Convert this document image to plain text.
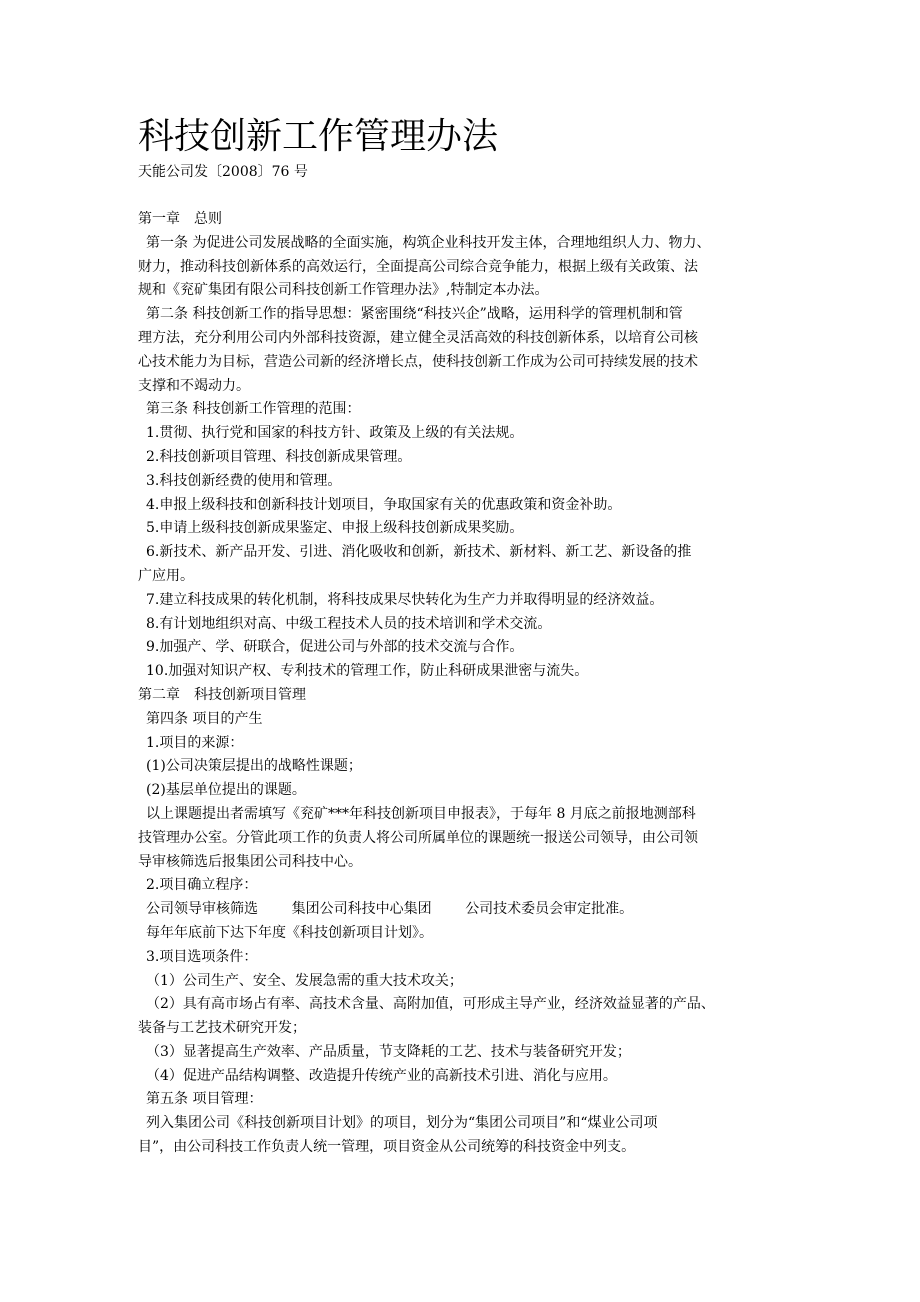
科技创新工作管理办法
天能公司发〔2008〕76 号
第一章　总则
第一条 为促进公司发展战略的全面实施，构筑企业科技开发主体，合理地组织人力、物力、
财力，推动科技创新体系的高效运行，全面提高公司综合竞争能力，根据上级有关政策、法
规和《兖矿集团有限公司科技创新工作管理办法》,特制定本办法。
第二条 科技创新工作的指导思想：紧密围绕“科技兴企”战略，运用科学的管理机制和管
理方法，充分利用公司内外部科技资源，建立健全灵活高效的科技创新体系，以培育公司核
心技术能力为目标，营造公司新的经济增长点，使科技创新工作成为公司可持续发展的技术
支撑和不竭动力。
第三条 科技创新工作管理的范围：
1.贯彻、执行党和国家的科技方针、政策及上级的有关法规。
2.科技创新项目管理、科技创新成果管理。
3.科技创新经费的使用和管理。
4.申报上级科技和创新科技计划项目，争取国家有关的优惠政策和资金补助。
5.申请上级科技创新成果鉴定、申报上级科技创新成果奖励。
6.新技术、新产品开发、引进、消化吸收和创新，新技术、新材料、新工艺、新设备的推
广应用。
7.建立科技成果的转化机制，将科技成果尽快转化为生产力并取得明显的经济效益。
8.有计划地组织对高、中级工程技术人员的技术培训和学术交流。
9.加强产、学、研联合，促进公司与外部的技术交流与合作。
10.加强对知识产权、专利技术的管理工作，防止科研成果泄密与流失。
第二章　科技创新项目管理
第四条 项目的产生
1.项目的来源：
(1)公司决策层提出的战略性课题；
(2)基层单位提出的课题。
以上课题提出者需填写《兖矿***年科技创新项目申报表》，于每年 8 月底之前报地测部科
技管理办公室。分管此项工作的负责人将公司所属单位的课题统一报送公司领导，由公司领
导审核筛选后报集团公司科技中心。
2.项目确立程序：
公司领导审核筛选 集团公司科技中心集团 公司技术委员会审定批准。
每年年底前下达下年度《科技创新项目计划》。
3.项目选项条件：
（1）公司生产、安全、发展急需的重大技术攻关；
（2）具有高市场占有率、高技术含量、高附加值，可形成主导产业，经济效益显著的产品、
装备与工艺技术研究开发；
（3）显著提高生产效率、产品质量，节支降耗的工艺、技术与装备研究开发；
（4）促进产品结构调整、改造提升传统产业的高新技术引进、消化与应用。
第五条 项目管理：
列入集团公司《科技创新项目计划》的项目，划分为“集团公司项目”和“煤业公司项
目”，由公司科技工作负责人统一管理，项目资金从公司统筹的科技资金中列支。
